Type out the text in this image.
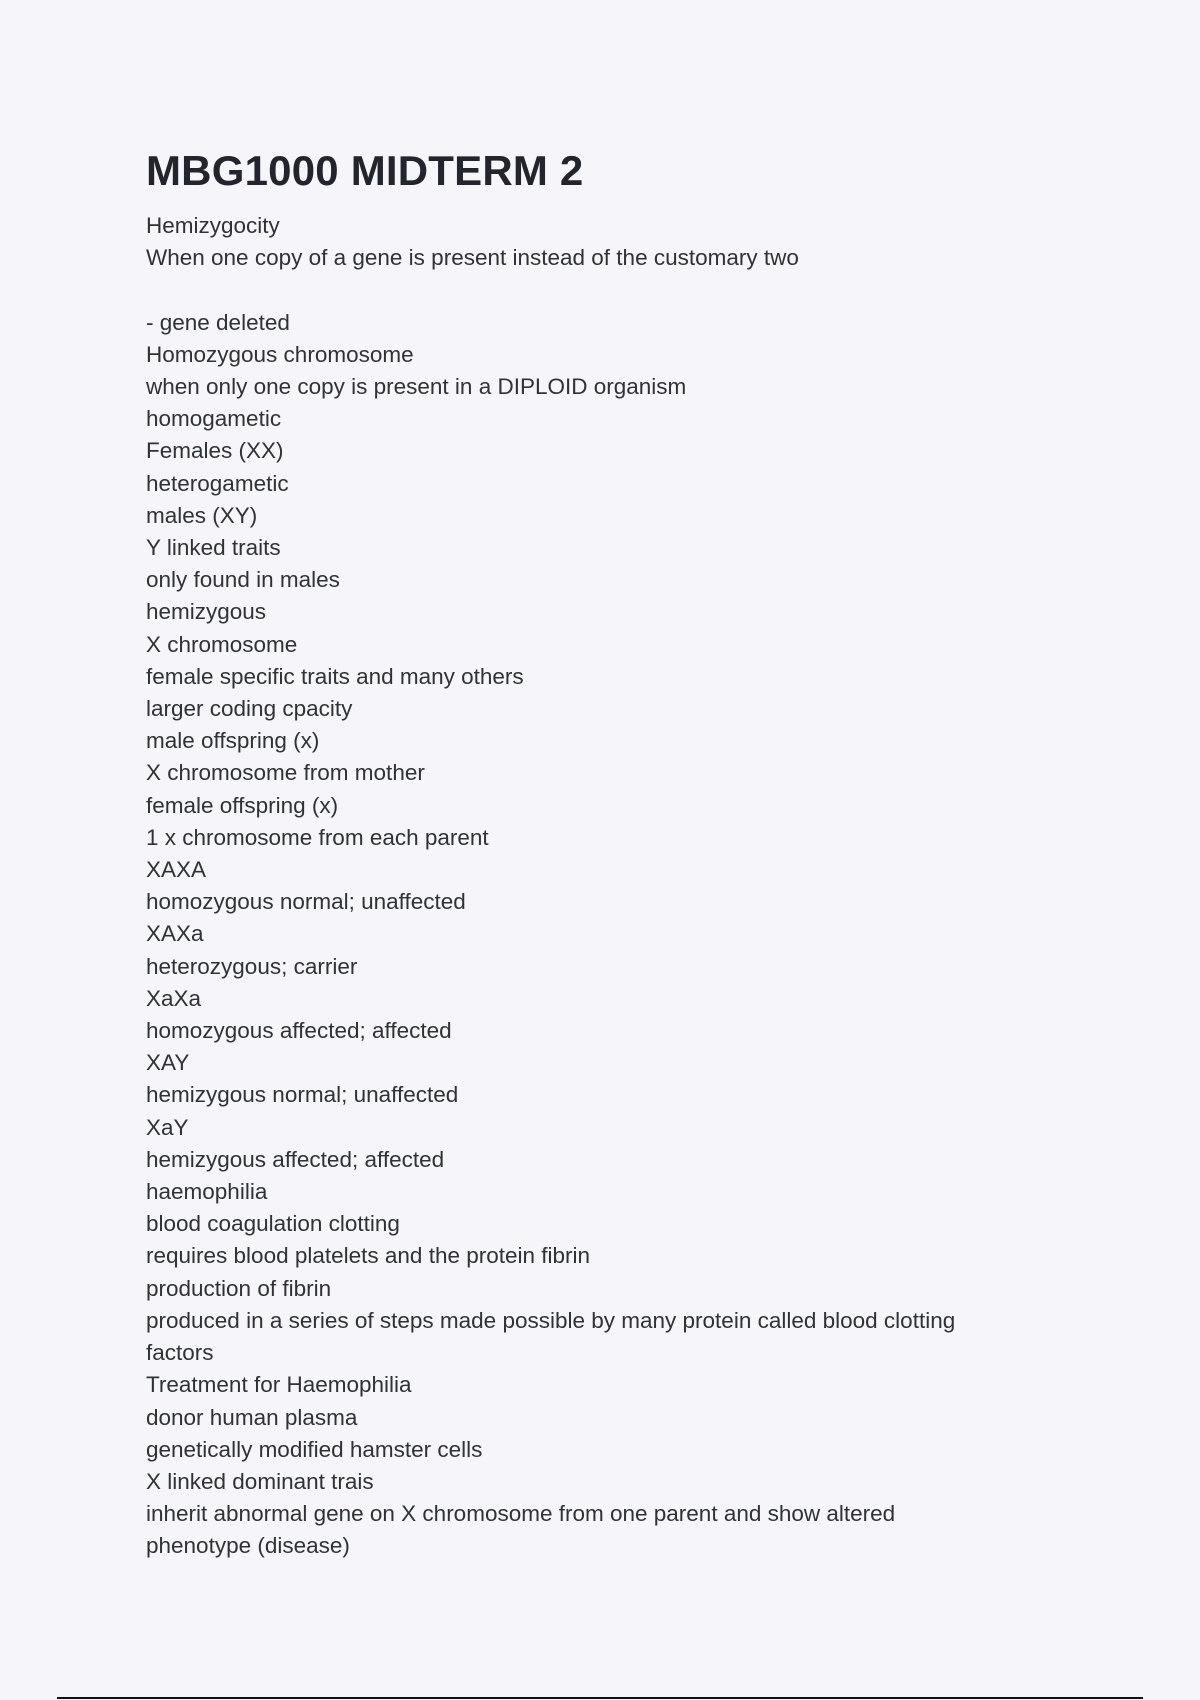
MBG1000 MIDTERM 2
Hemizygocity
When one copy of a gene is present instead of the customary two
- gene deleted
Homozygous chromosome
when only one copy is present in a DIPLOID organism
homogametic
Females (XX)
heterogametic
males (XY)
Y linked traits
only found in males
hemizygous
X chromosome
female specific traits and many others
larger coding cpacity
male offspring (x)
X chromosome from mother
female offspring (x)
1 x chromosome from each parent
XAXA
homozygous normal; unaffected
XAXa
heterozygous; carrier
XaXa
homozygous affected; affected
XAY
hemizygous normal; unaffected
XaY
hemizygous affected; affected
haemophilia
blood coagulation clotting
requires blood platelets and the protein fibrin
production of fibrin
produced in a series of steps made possible by many protein called blood clotting
factors
Treatment for Haemophilia
donor human plasma
genetically modified hamster cells
X linked dominant trais
inherit abnormal gene on X chromosome from one parent and show altered
phenotype (disease)
